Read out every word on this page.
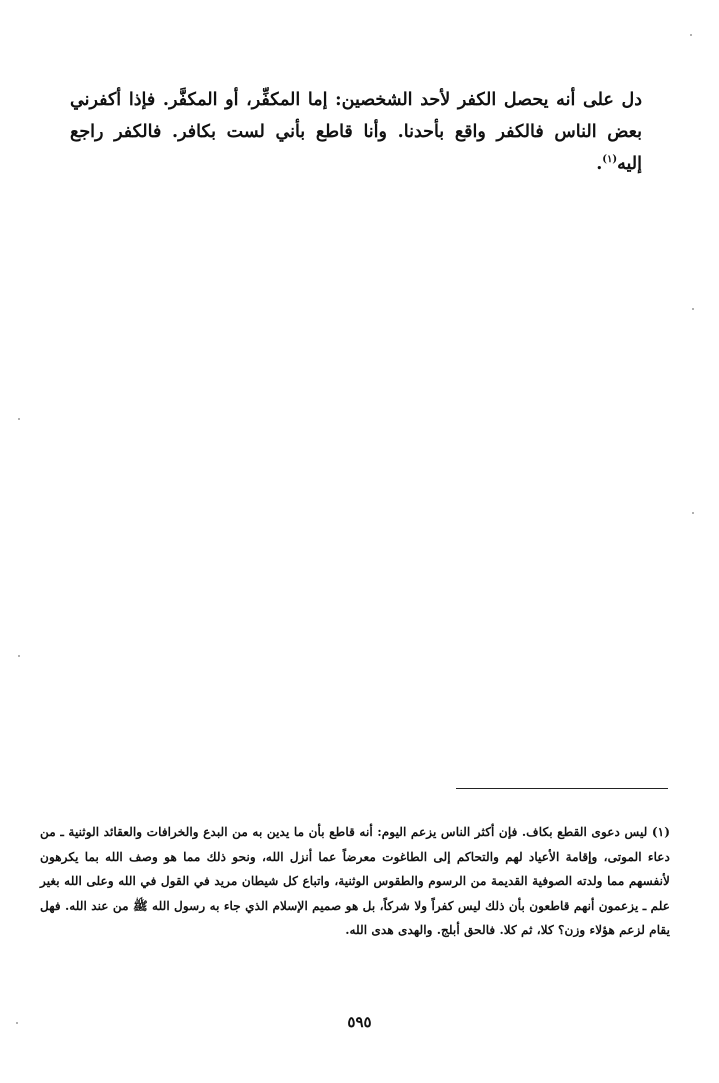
دل على أنه يحصل الكفر لأحد الشخصين: إما المكفِّر، أو المكفَّر. فإذا أكفرني بعض الناس فالكفر واقع بأحدنا. وأنا قاطع بأني لست بكافر. فالكفر راجع إليه$^{(١)}$.

(١) ليس دعوى القطع بكاف. فإن أكثر الناس يزعم اليوم: أنه قاطع بأن ما يدين به من البدع والخرافات والعقائد الوثنية ـ من دعاء الموتى، وإقامة الأعياد لهم والتحاكم إلى الطاغوت معرضاً عما أنزل الله، ونحو ذلك مما هو وصف الله بما يكرهون لأنفسهم مما ولدته الصوفية القديمة من الرسوم والطقوس الوثنية، واتباع كل شيطان مريد في القول في الله وعلى الله بغير علم ـ يزعمون أنهم قاطعون بأن ذلك ليس كفراً ولا شركاً، بل هو صميم الإسلام الذي جاء به رسول الله ﷺ من عند الله. فهل يقام لزعم هؤلاء وزن؟ كلا، ثم كلا. فالحق أبلج. والهدى هدى الله.

٥٩٥
